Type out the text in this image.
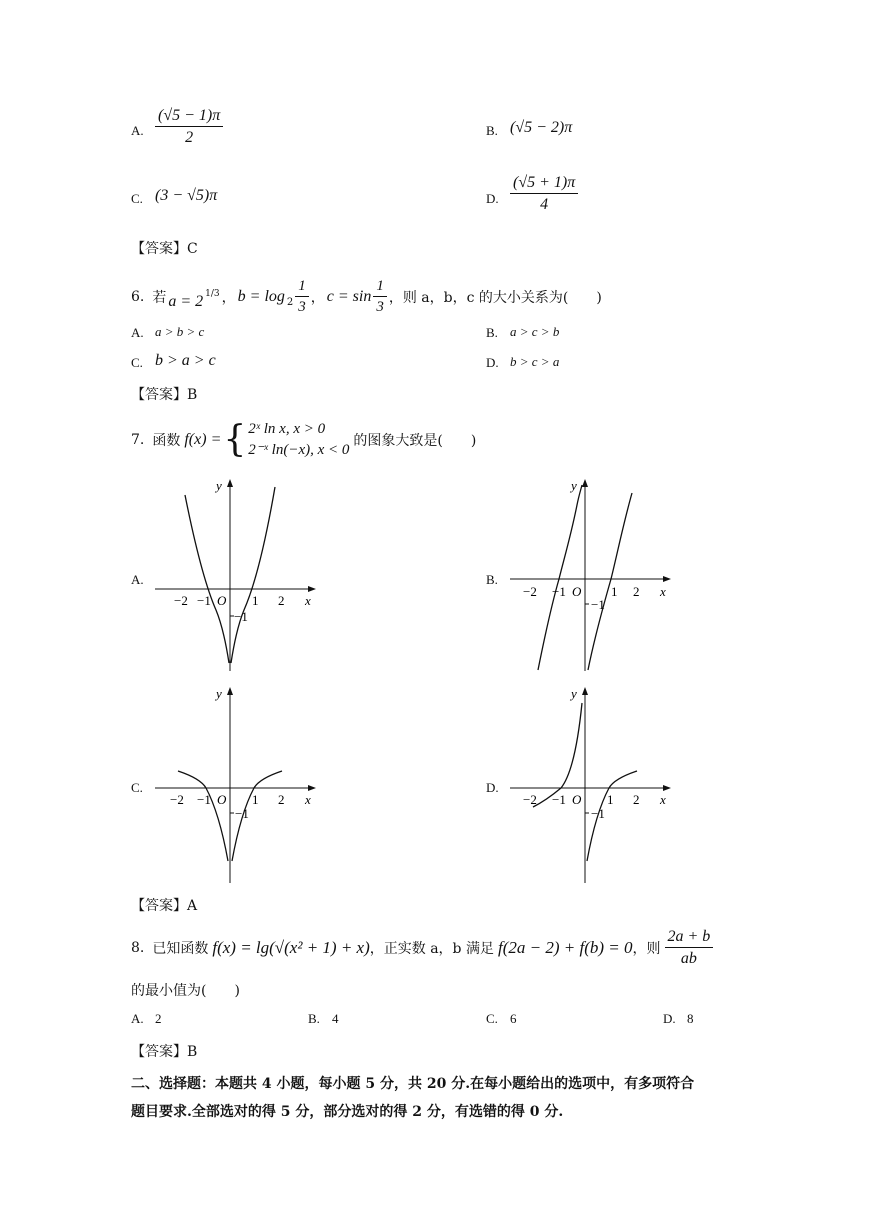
A. $\frac{(√5 - 1)\pi}{2}$	B. (√5 − 2)π
C. (3 − √5)π	D. $\frac{(√5 + 1)\pi}{4}$
【答案】C
6. 若 $a = 2^{1/3}$ ， $b = \log_2 \frac{1}{3}$ ， $c = \sin \frac{1}{3}$ ，则 a，b，c 的大小关系为(　　)
A. a > b > c	B. a > c > b
C. b > a > c	D. b > c > a
【答案】B
7. 函数 f(x) = { 2ˣ ln x, x > 0
2⁻ˣ ln(−x), x < 0
的图象大致是(　　)
A.	B.
C.	D.
−2 −1 O 1 2 x
y
−1
−2 −1 O 1 2 x
y
−1
−2 −1 O 1 2 x
y
−1
−2 −1 O 1 2 x
y
−1
【答案】A
8. 已知函数 f(x) = lg(√(x² + 1) + x) ，正实数 a，b 满足 f(2a − 2) + f(b) = 0 ，则 $\frac{2a + b}{ab}$
的最小值为(　　)
A. 2	B. 4	C. 6	D. 8
【答案】B
二、选择题：本题共 4 小题，每小题 5 分，共 20 分.在每小题给出的选项中，有多项符合
题目要求.全部选对的得 5 分，部分选对的得 2 分，有选错的得 0 分.
